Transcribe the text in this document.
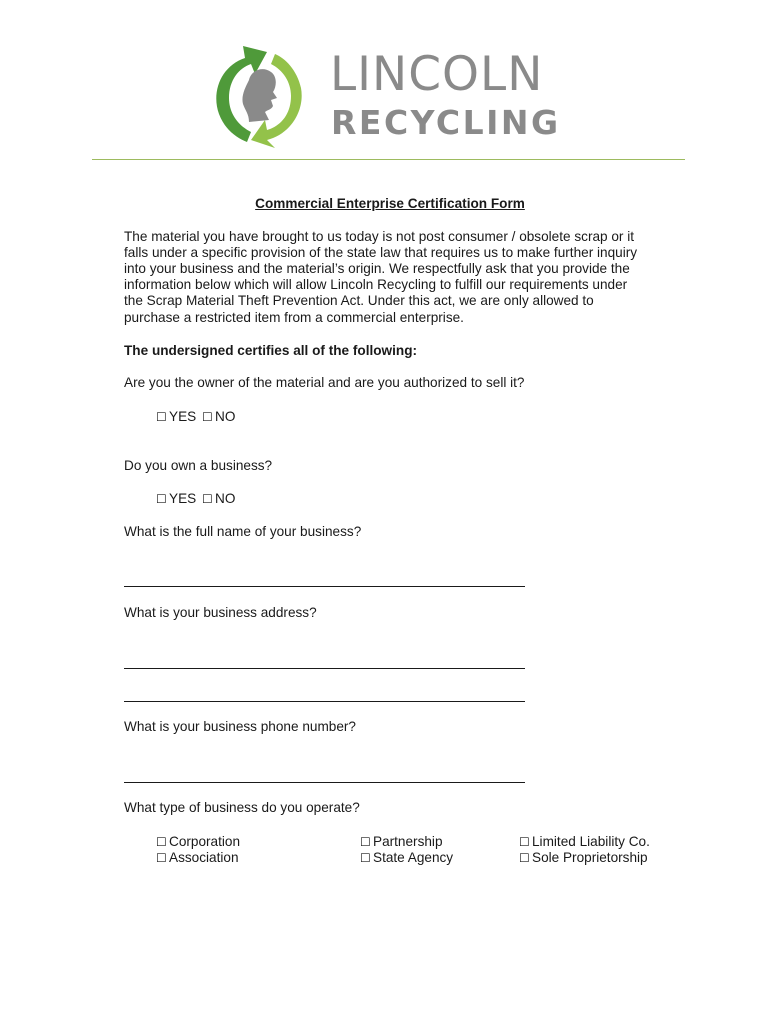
LINCOLN
RECYCLING
Commercial Enterprise Certification Form
The material you have brought to us today is not post consumer / obsolete scrap or it
falls under a specific provision of the state law that requires us to make further inquiry
into your business and the material’s origin. We respectfully ask that you provide the
information below which will allow Lincoln Recycling to fulfill our requirements under
the Scrap Material Theft Prevention Act. Under this act, we are only allowed to
purchase a restricted item from a commercial enterprise.
The undersigned certifies all of the following:
Are you the owner of the material and are you authorized to sell it?
☐ YES ☐ NO
Do you own a business?
☐ YES ☐ NO
What is the full name of your business?
What is your business address?
What is your business phone number?
What type of business do you operate?
☐ Corporation
☐ Association
☐ Partnership
☐ State Agency
☐ Limited Liability Co.
☐ Sole Proprietorship
